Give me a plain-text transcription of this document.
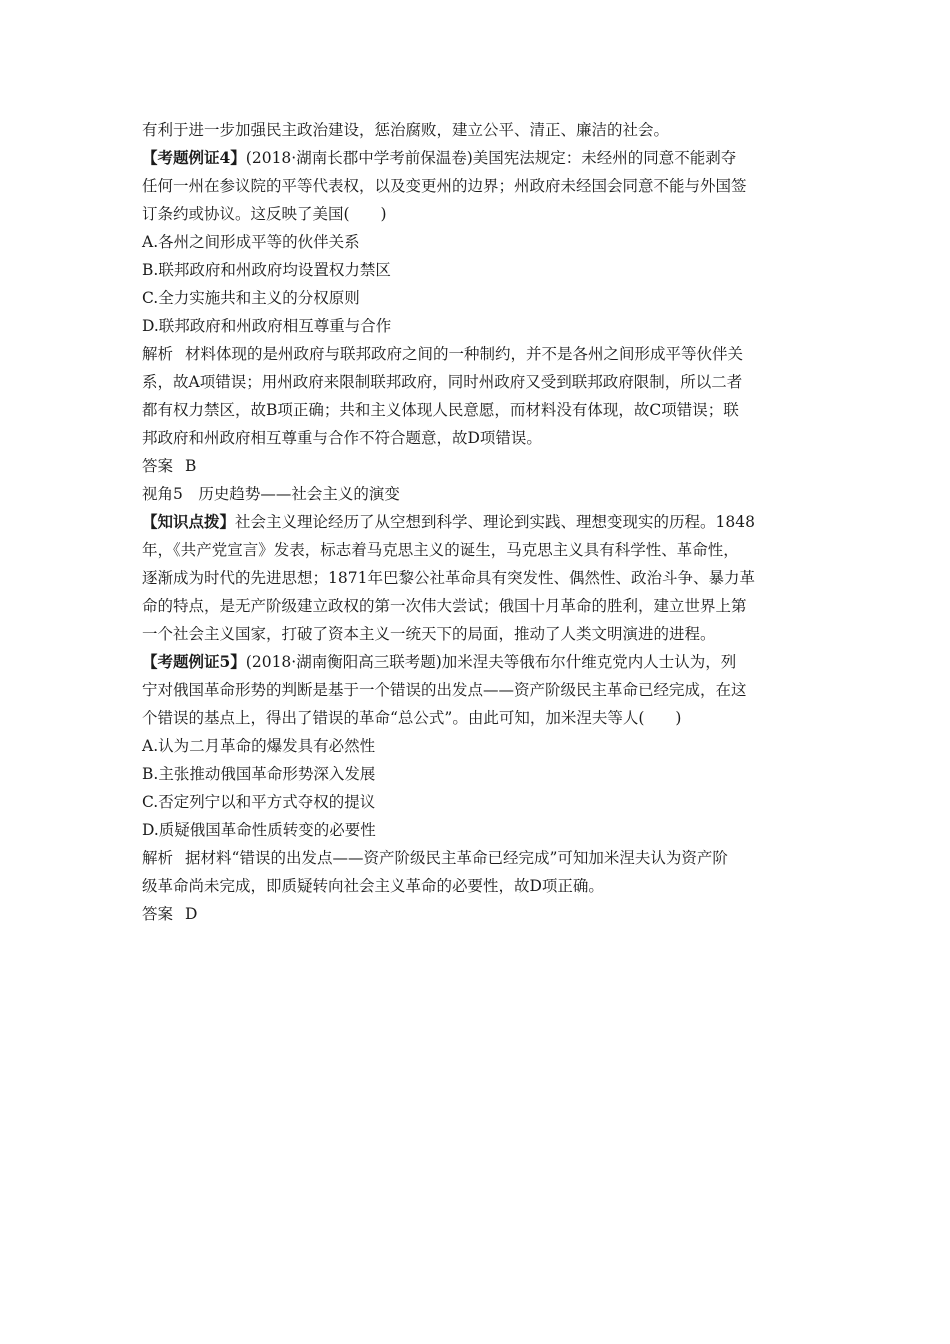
有利于进一步加强民主政治建设，惩治腐败，建立公平、清正、廉洁的社会。
【考题例证4】(2018·湖南长郡中学考前保温卷)美国宪法规定：未经州的同意不能剥夺
任何一州在参议院的平等代表权，以及变更州的边界；州政府未经国会同意不能与外国签
订条约或协议。这反映了美国(　　)
A.各州之间形成平等的伙伴关系
B.联邦政府和州政府均设置权力禁区
C.全力实施共和主义的分权原则
D.联邦政府和州政府相互尊重与合作
解析 材料体现的是州政府与联邦政府之间的一种制约，并不是各州之间形成平等伙伴关
系，故A项错误；用州政府来限制联邦政府，同时州政府又受到联邦政府限制，所以二者
都有权力禁区，故B项正确；共和主义体现人民意愿，而材料没有体现，故C项错误；联
邦政府和州政府相互尊重与合作不符合题意，故D项错误。
答案 B
视角5　历史趋势——社会主义的演变
【知识点拨】社会主义理论经历了从空想到科学、理论到实践、理想变现实的历程。1848
年，《共产党宣言》发表，标志着马克思主义的诞生，马克思主义具有科学性、革命性，
逐渐成为时代的先进思想；1871年巴黎公社革命具有突发性、偶然性、政治斗争、暴力革
命的特点，是无产阶级建立政权的第一次伟大尝试；俄国十月革命的胜利，建立世界上第
一个社会主义国家，打破了资本主义一统天下的局面，推动了人类文明演进的进程。
【考题例证5】(2018·湖南衡阳高三联考题)加米涅夫等俄布尔什维克党内人士认为，列
宁对俄国革命形势的判断是基于一个错误的出发点——资产阶级民主革命已经完成，在这
个错误的基点上，得出了错误的革命“总公式”。由此可知，加米涅夫等人(　　)
A.认为二月革命的爆发具有必然性
B.主张推动俄国革命形势深入发展
C.否定列宁以和平方式夺权的提议
D.质疑俄国革命性质转变的必要性
解析 据材料“错误的出发点——资产阶级民主革命已经完成”可知加米涅夫认为资产阶
级革命尚未完成，即质疑转向社会主义革命的必要性，故D项正确。
答案 D
